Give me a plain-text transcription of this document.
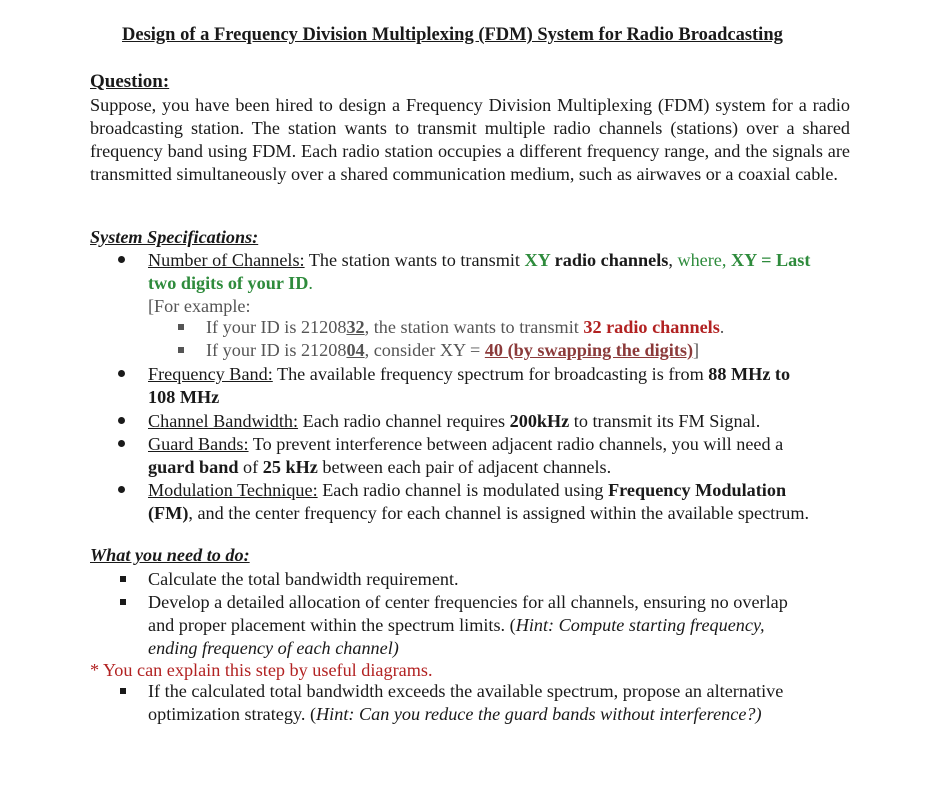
Design of a Frequency Division Multiplexing (FDM) System for Radio Broadcasting
Question:
Suppose, you have been hired to design a Frequency Division Multiplexing (FDM) system for a radio broadcasting station. The station wants to transmit multiple radio channels (stations) over a shared frequency band using FDM. Each radio station occupies a different frequency range, and the signals are transmitted simultaneously over a shared communication medium, such as airwaves or a coaxial cable.
System Specifications:
Number of Channels: The station wants to transmit XY radio channels, where, XY = Last
two digits of your ID.
[For example:
If your ID is 2120832, the station wants to transmit 32 radio channels.
If your ID is 2120804, consider XY = 40 (by swapping the digits)]
Frequency Band: The available frequency spectrum for broadcasting is from 88 MHz to
108 MHz
Channel Bandwidth: Each radio channel requires 200kHz to transmit its FM Signal.
Guard Bands: To prevent interference between adjacent radio channels, you will need a
guard band of 25 kHz between each pair of adjacent channels.
Modulation Technique: Each radio channel is modulated using Frequency Modulation
(FM), and the center frequency for each channel is assigned within the available spectrum.
What you need to do:
Calculate the total bandwidth requirement.
Develop a detailed allocation of center frequencies for all channels, ensuring no overlap
and proper placement within the spectrum limits. (Hint: Compute starting frequency,
ending frequency of each channel)
* You can explain this step by useful diagrams.
If the calculated total bandwidth exceeds the available spectrum, propose an alternative
optimization strategy. (Hint: Can you reduce the guard bands without interference?)
